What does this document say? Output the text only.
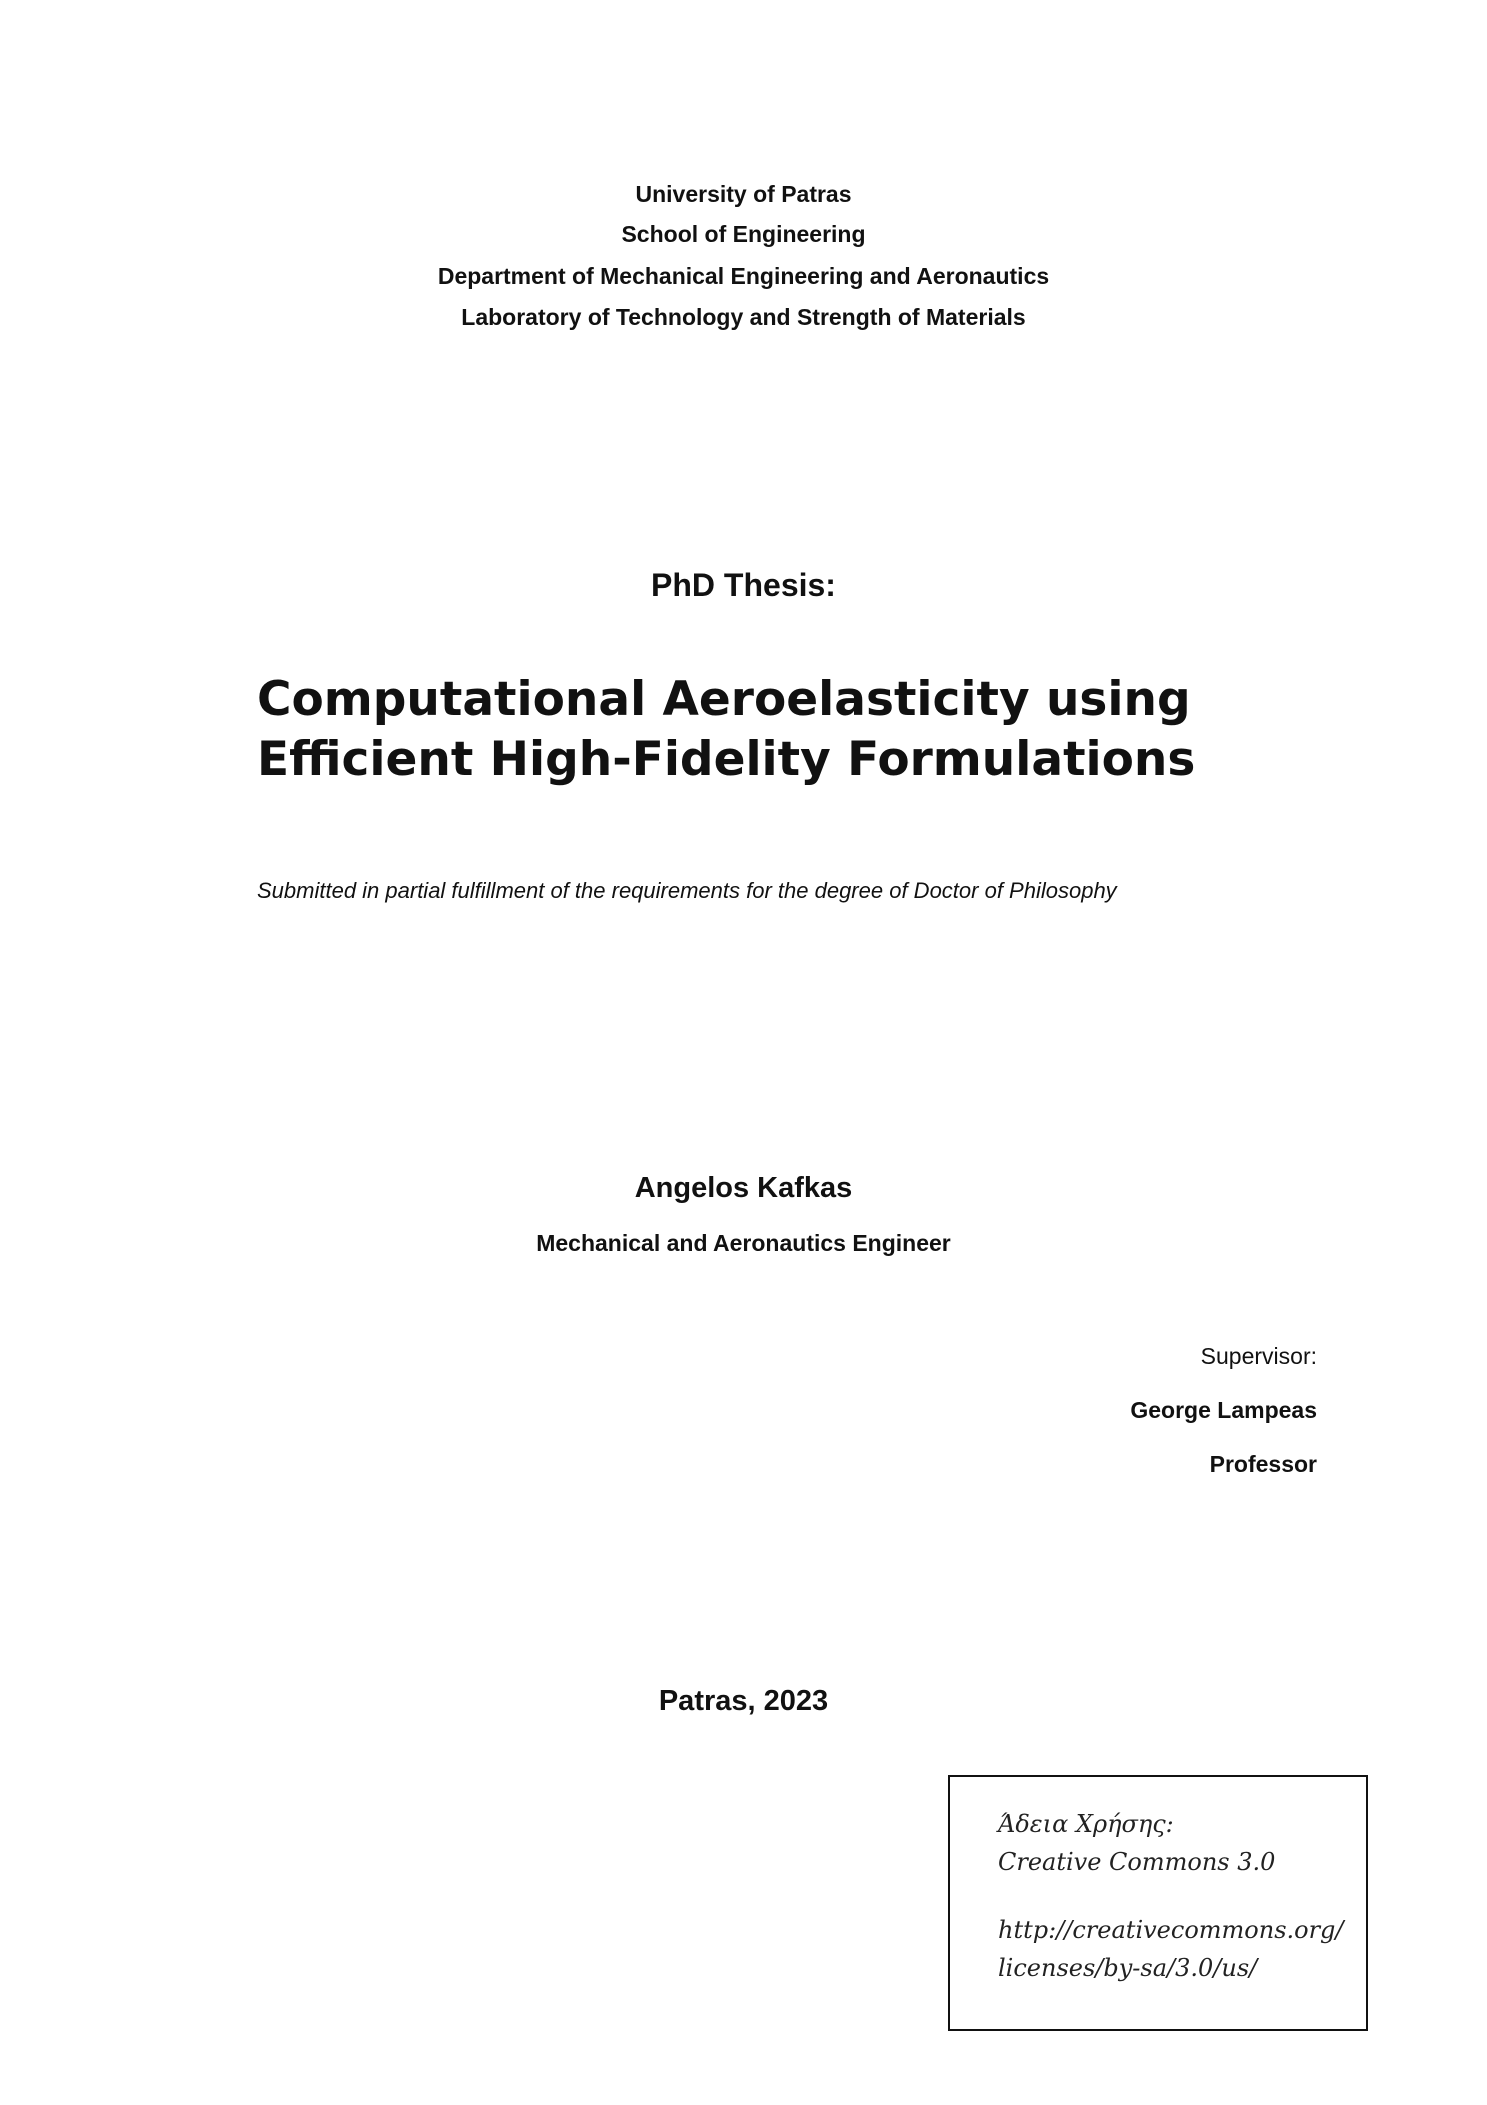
University of Patras
School of Engineering
Department of Mechanical Engineering and Aeronautics
Laboratory of Technology and Strength of Materials
PhD Thesis:
Computational Aeroelasticity using
Efficient High-Fidelity Formulations
Submitted in partial fulfillment of the requirements for the degree of Doctor of Philosophy
Angelos Kafkas
Mechanical and Aeronautics Engineer
Supervisor:
George Lampeas
Professor
Patras, 2023
Άδεια Χρήσης:
Creative Commons 3.0
http://creativecommons.org/
licenses/by-sa/3.0/us/
